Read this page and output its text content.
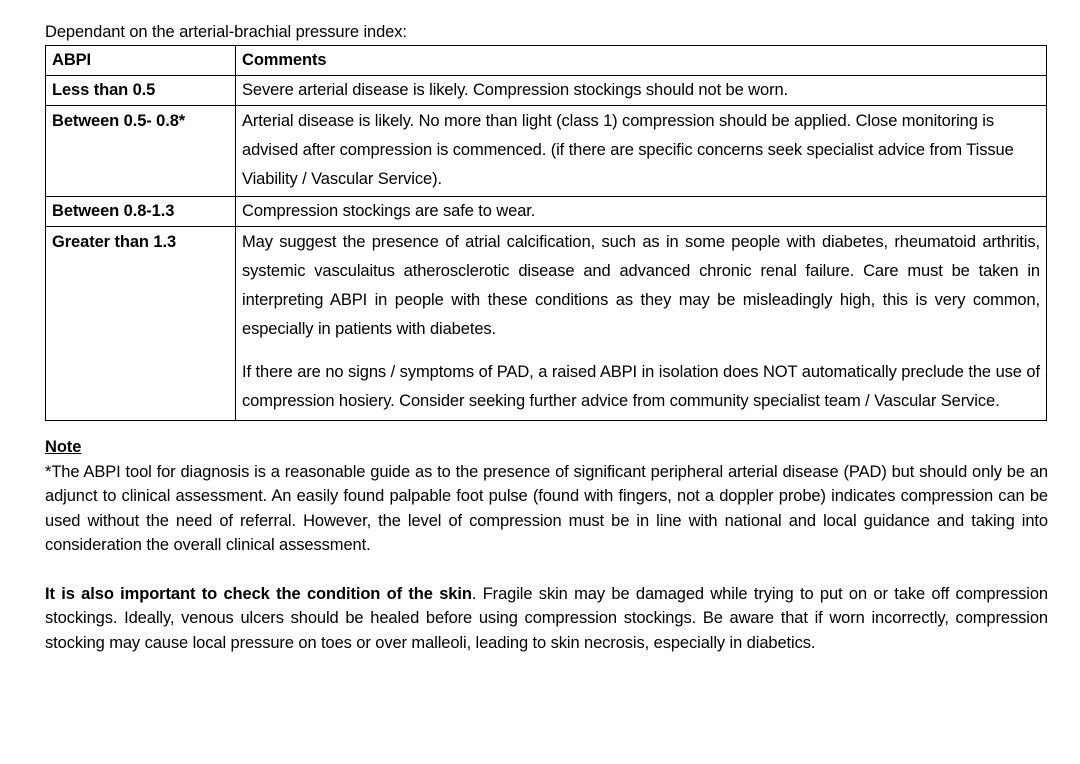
Dependant on the arterial-brachial pressure index:
ABPI	Comments
Less than 0.5	Severe arterial disease is likely. Compression stockings should not be worn.

Between 0.5- 0.8*	Arterial disease is likely. No more than light (class 1) compression should be applied. Close monitoring is advised after compression is commenced. (if there are specific concerns seek specialist advice from Tissue Viability / Vascular Service).

Between 0.8-1.3	Compression stockings are safe to wear.

Greater than 1.3	May suggest the presence of atrial calcification, such as in some people with diabetes, rheumatoid arthritis, systemic vasculaitus atherosclerotic disease and advanced chronic renal failure. Care must be taken in interpreting ABPI in people with these conditions as they may be misleadingly high, this is very common, especially in patients with diabetes.

If there are no signs / symptoms of PAD, a raised ABPI in isolation does NOT automatically preclude the use of compression hosiery. Consider seeking further advice from community specialist team / Vascular Service.

Note

*The ABPI tool for diagnosis is a reasonable guide as to the presence of significant peripheral arterial disease (PAD) but should only be an adjunct to clinical assessment. An easily found palpable foot pulse (found with fingers, not a doppler probe) indicates compression can be used without the need of referral. However, the level of compression must be in line with national and local guidance and taking into consideration the overall clinical assessment.

It is also important to check the condition of the skin. Fragile skin may be damaged while trying to put on or take off compression stockings. Ideally, venous ulcers should be healed before using compression stockings. Be aware that if worn incorrectly, compression stocking may cause local pressure on toes or over malleoli, leading to skin necrosis, especially in diabetics.
